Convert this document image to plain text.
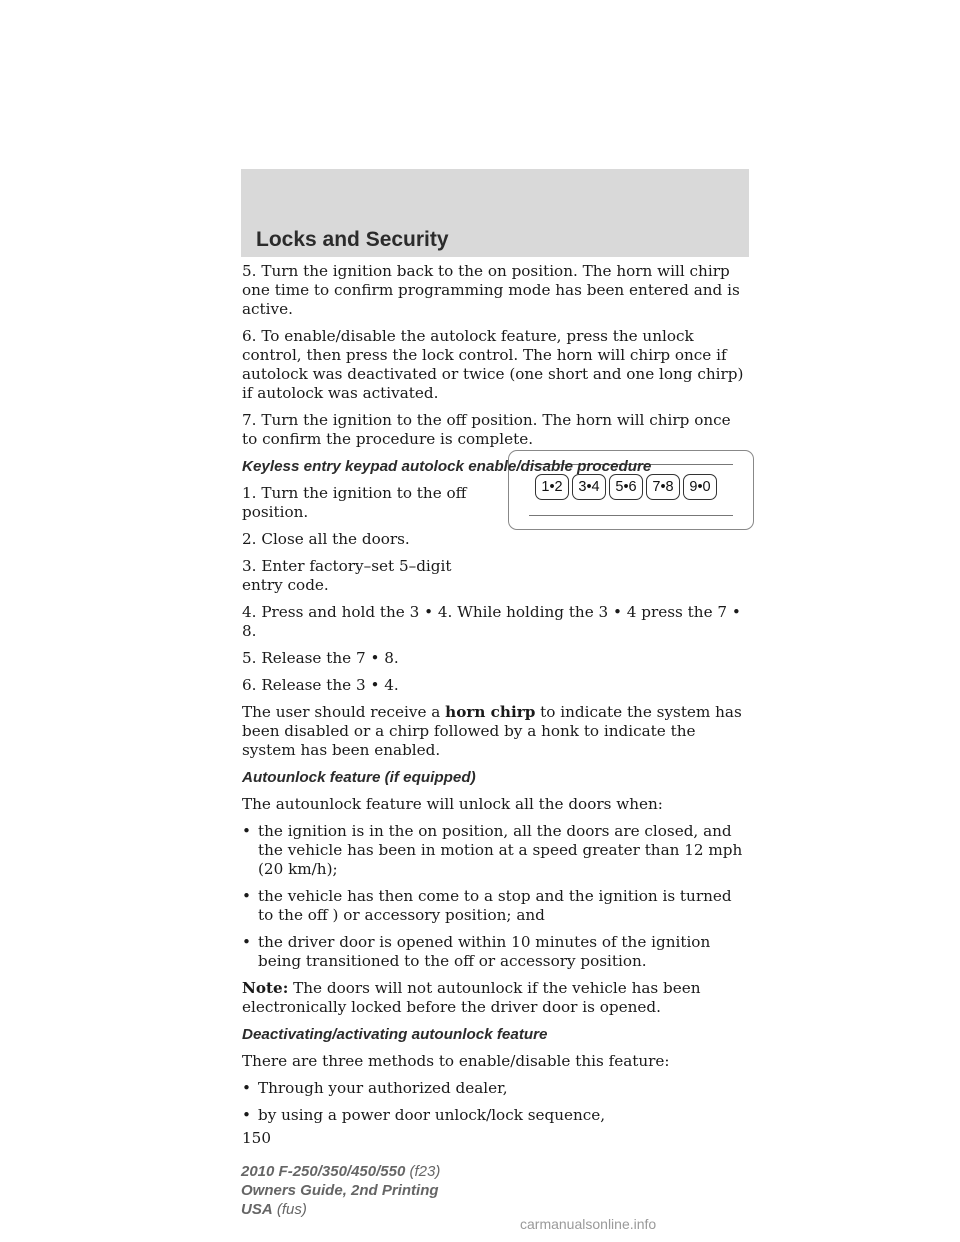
Locks and Security
1•2	3•4	5•6	7•8	9•0

5. Turn the ignition back to the on position. The horn will chirp one time to confirm programming mode has been entered and is active.

6. To enable/disable the autolock feature, press the unlock control, then press the lock control. The horn will chirp once if autolock was deactivated or twice (one short and one long chirp) if autolock was activated.

7. Turn the ignition to the off position. The horn will chirp once to confirm the procedure is complete.

Keyless entry keypad autolock enable/disable procedure

1. Turn the ignition to the off position.

2. Close all the doors.

3. Enter factory–set 5–digit entry code.

4. Press and hold the 3 • 4. While holding the 3 • 4 press the 7 • 8.

5. Release the 7 • 8.

6. Release the 3 • 4.

The user should receive a horn chirp to indicate the system has been disabled or a chirp followed by a honk to indicate the system has been enabled.

Autounlock feature (if equipped)

The autounlock feature will unlock all the doors when:

• the ignition is in the on position, all the doors are closed, and the vehicle has been in motion at a speed greater than 12 mph (20 km/h);
• the vehicle has then come to a stop and the ignition is turned to the off ) or accessory position; and
• the driver door is opened within 10 minutes of the ignition being transitioned to the off or accessory position.

Note: The doors will not autounlock if the vehicle has been electronically locked before the driver door is opened.

Deactivating/activating autounlock feature

There are three methods to enable/disable this feature:

• Through your authorized dealer,
• by using a power door unlock/lock sequence,
150
2010 F-250/350/450/550 (f23)
Owners Guide, 2nd Printing
USA (fus)
carmanualsonline.info
